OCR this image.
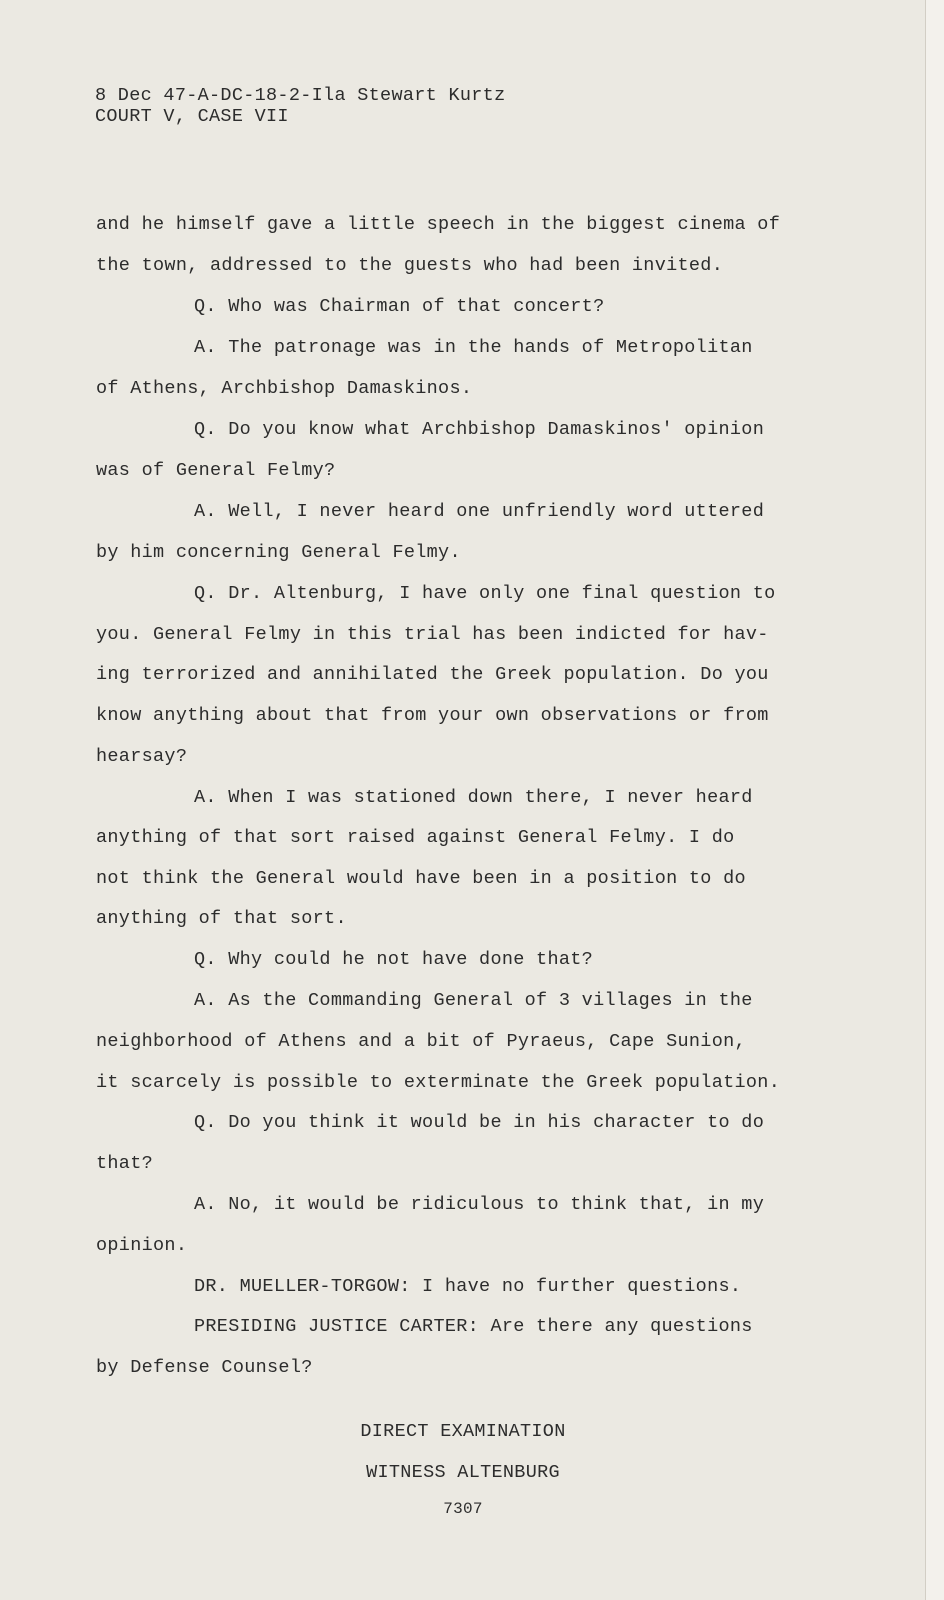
8 Dec 47-A-DC-18-2-Ila Stewart Kurtz
COURT V, CASE VII
and he himself gave a little speech in the biggest cinema of
the town, addressed to the guests who had been invited.
Q. Who was Chairman of that concert?
A. The patronage was in the hands of Metropolitan
of Athens, Archbishop Damaskinos.
Q. Do you know what Archbishop Damaskinos' opinion
was of General Felmy?
A. Well, I never heard one unfriendly word uttered
by him concerning General Felmy.
Q. Dr. Altenburg, I have only one final question to
you. General Felmy in this trial has been indicted for hav-
ing terrorized and annihilated the Greek population. Do you
know anything about that from your own observations or from
hearsay?
A. When I was stationed down there, I never heard
anything of that sort raised against General Felmy. I do
not think the General would have been in a position to do
anything of that sort.
Q. Why could he not have done that?
A. As the Commanding General of 3 villages in the
neighborhood of Athens and a bit of Pyraeus, Cape Sunion,
it scarcely is possible to exterminate the Greek population.
Q. Do you think it would be in his character to do
that?
A. No, it would be ridiculous to think that, in my
opinion.
DR. MUELLER-TORGOW: I have no further questions.
PRESIDING JUSTICE CARTER: Are there any questions
by Defense Counsel?
DIRECT EXAMINATION
WITNESS ALTENBURG
7307
